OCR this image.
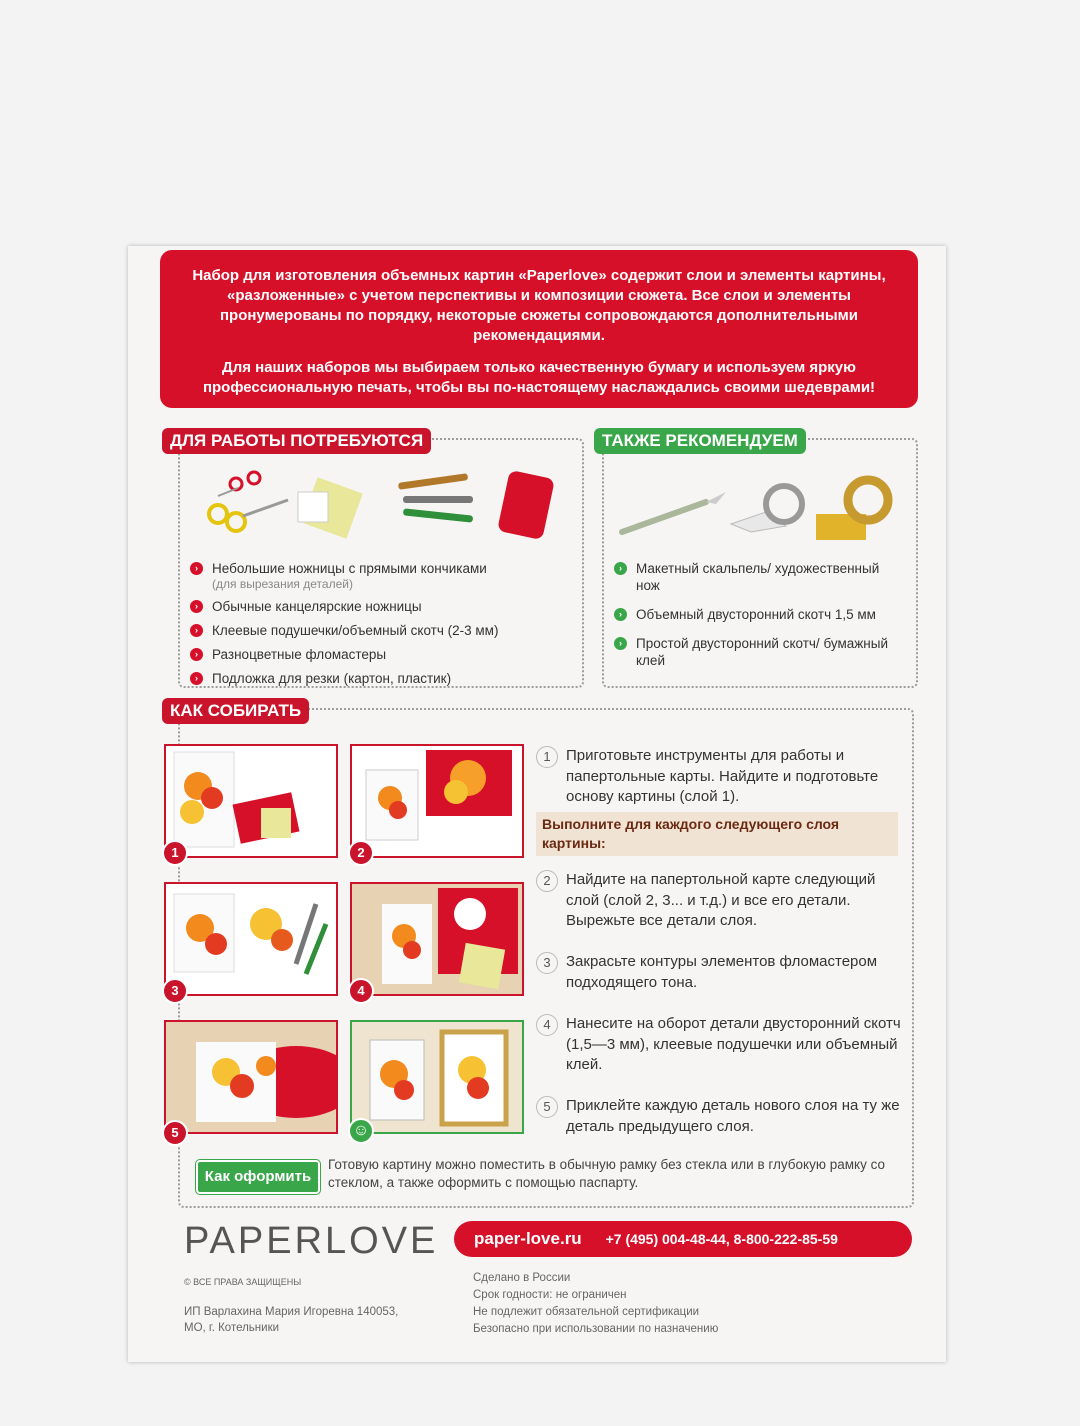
Набор для изготовления объемных картин «Paperlove» содержит слои и элементы картины, «разложенные» с учетом перспективы и композиции сюжета. Все слои и элементы пронумерованы по порядку, некоторые сюжеты сопровождаются дополнительными рекомендациями.

Для наших наборов мы выбираем только качественную бумагу и используем яркую профессиональную печать, чтобы вы по-настоящему наслаждались своими шедеврами!

ДЛЯ РАБОТЫ ПОТРЕБУЮТСЯ
›	Небольшие ножницы с прямыми кончиками
(для вырезания деталей)
›	Обычные канцелярские ножницы
›	Клеевые подушечки/объемный скотч (2-3 мм)
›	Разноцветные фломастеры
›	Подложка для резки (картон, пластик)
ТАКЖЕ РЕКОМЕНДУЕМ
›	Макетный скальпель/ художественный нож
›	Объемный двусторонний скотч 1,5 мм
›	Простой двусторонний скотч/ бумажный клей
КАК СОБИРАТЬ
1	2
3	4
5	☺
1	Приготовьте инструменты для работы и папертольные карты. Найдите и подготовьте основу картины (слой 1).
Выполните для каждого следующего слоя картины:
2	Найдите на папертольной карте следующий слой (слой 2, 3... и т.д.) и все его детали. Вырежьте все детали слоя.
3	Закрасьте контуры элементов фломастером подходящего тона.
4	Нанесите на оборот детали двусторонний скотч (1,5—3 мм), клеевые подушечки или объемный клей.
5	Приклейте каждую деталь нового слоя на ту же деталь предыдущего слоя.
Как оформить
Готовую картину можно поместить в обычную рамку без стекла или в глубокую рамку со стеклом, а также оформить с помощью паспарту.
PAPERLOVE
© ВСЕ ПРАВА ЗАЩИЩЕНЫ
paper-love.ru +7 (495) 004-48-44, 8-800-222-85-59
ИП Варлахина Мария Игоревна 140053,
МО, г. Котельники
Сделано в России
Срок годности: не ограничен
Не подлежит обязательной сертификации
Безопасно при использовании по назначению
